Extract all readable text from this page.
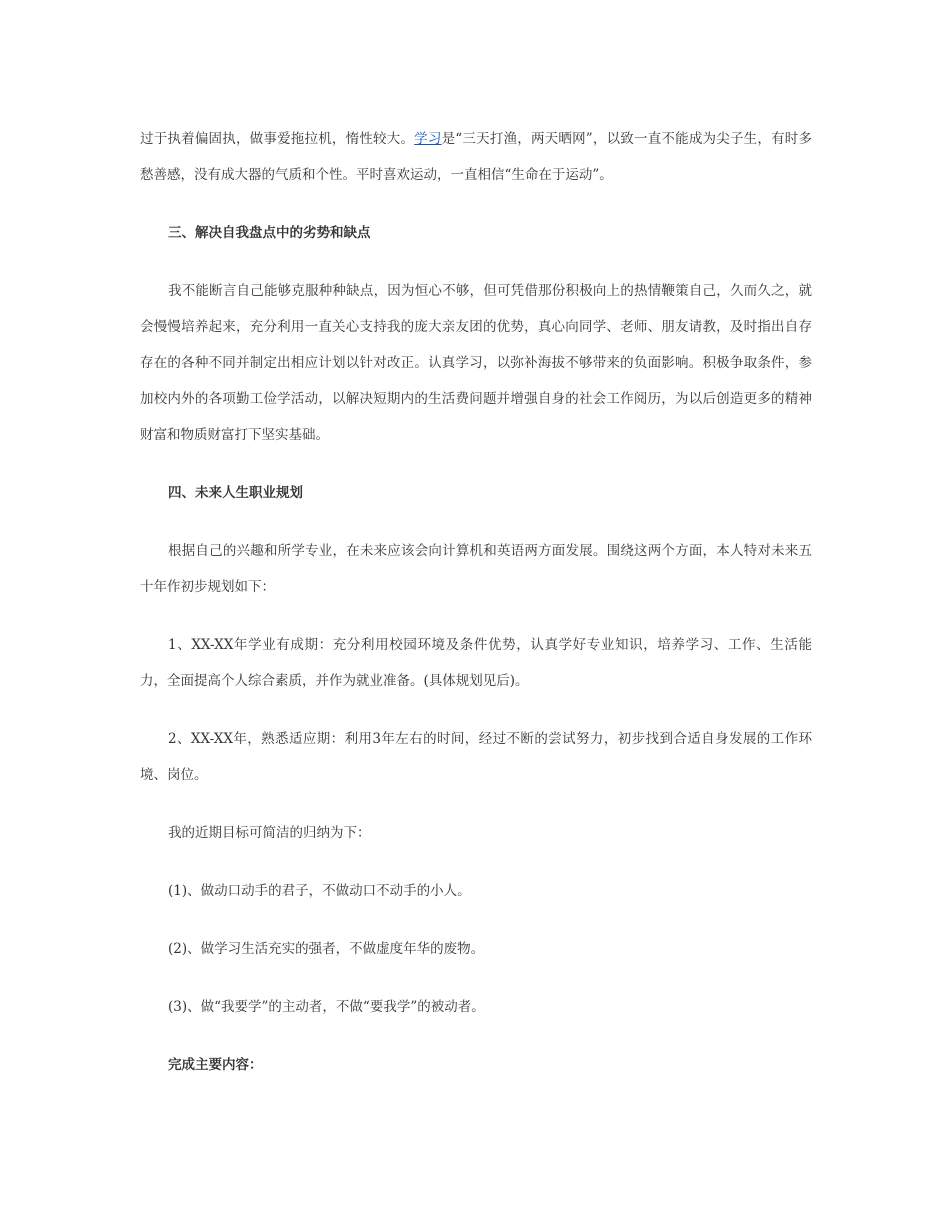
过于执着偏固执，做事爱拖拉机，惰性较大。学习是“三天打渔，两天晒网”，以致一直不能成为尖子生，有时多愁善感，没有成大器的气质和个性。平时喜欢运动，一直相信“生命在于运动”。

三、解决自我盘点中的劣势和缺点

我不能断言自己能够克服种种缺点，因为恒心不够，但可凭借那份积极向上的热情鞭策自己，久而久之，就会慢慢培养起来，充分利用一直关心支持我的庞大亲友团的优势，真心向同学、老师、朋友请教，及时指出自存存在的各种不同并制定出相应计划以针对改正。认真学习，以弥补海拔不够带来的负面影响。积极争取条件，参加校内外的各项勤工俭学活动，以解决短期内的生活费问题并增强自身的社会工作阅历，为以后创造更多的精神财富和物质财富打下坚实基础。

四、未来人生职业规划

根据自己的兴趣和所学专业，在未来应该会向计算机和英语两方面发展。围绕这两个方面，本人特对未来五十年作初步规划如下：

1、XX-XX年学业有成期：充分利用校园环境及条件优势，认真学好专业知识，培养学习、工作、生活能力，全面提高个人综合素质，并作为就业准备。(具体规划见后)。

2、XX-XX年，熟悉适应期：利用3年左右的时间，经过不断的尝试努力，初步找到合适自身发展的工作环境、岗位。

我的近期目标可简洁的归纳为下：

(1)、做动口动手的君子，不做动口不动手的小人。

(2)、做学习生活充实的强者，不做虚度年华的废物。

(3)、做“我要学”的主动者，不做“要我学”的被动者。

完成主要内容：
